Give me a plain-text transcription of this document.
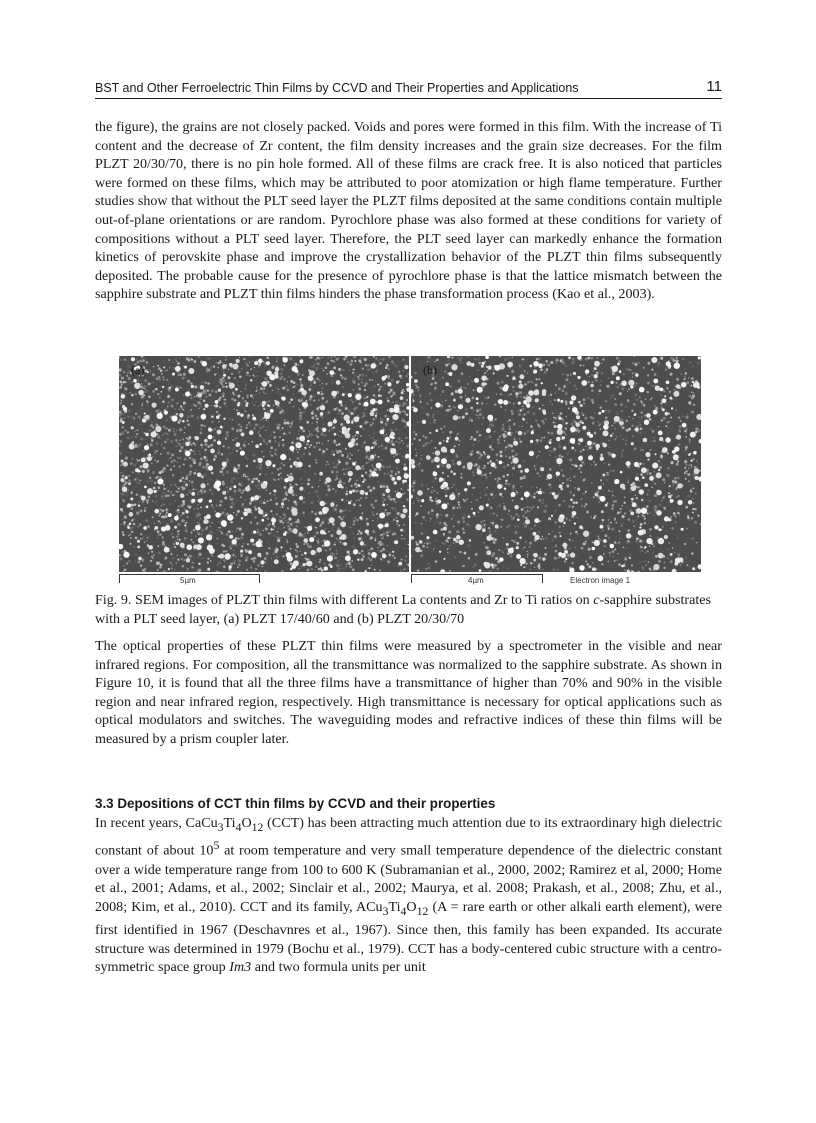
BST and Other Ferroelectric Thin Films by CCVD and Their Properties and Applications	11

the figure), the grains are not closely packed. Voids and pores were formed in this film. With the increase of Ti content and the decrease of Zr content, the film density increases and the grain size decreases. For the film PLZT 20/30/70, there is no pin hole formed. All of these films are crack free. It is also noticed that particles were formed on these films, which may be attributed to poor atomization or high flame temperature. Further studies show that without the PLT seed layer the PLZT films deposited at the same conditions contain multiple out-of-plane orientations or are random. Pyrochlore phase was also formed at these conditions for variety of compositions without a PLT seed layer. Therefore, the PLT seed layer can markedly enhance the formation kinetics of perovskite phase and improve the crystallization behavior of the PLZT thin films subsequently deposited. The probable cause for the presence of pyrochlore phase is that the lattice mismatch between the sapphire substrate and PLZT thin films hinders the phase transformation process (Kao et al., 2003).

(a)	(b)
5µm	4µm	Electron image 1

Fig. 9. SEM images of PLZT thin films with different La contents and Zr to Ti ratios on c-sapphire substrates with a PLT seed layer, (a) PLZT 17/40/60 and (b) PLZT 20/30/70

The optical properties of these PLZT thin films were measured by a spectrometer in the visible and near infrared regions. For composition, all the transmittance was normalized to the sapphire substrate. As shown in Figure 10, it is found that all the three films have a transmittance of higher than 70% and 90% in the visible region and near infrared region, respectively. High transmittance is necessary for optical applications such as optical modulators and switches. The waveguiding modes and refractive indices of these thin films will be measured by a prism coupler later.

3.3 Depositions of CCT thin films by CCVD and their properties

In recent years, $CaCu_3Ti_4O_{12}$ (CCT) has been attracting much attention due to its extraordinary high dielectric constant of about $10^5$ at room temperature and very small temperature dependence of the dielectric constant over a wide temperature range from 100 to 600 K (Subramanian et al., 2000, 2002; Ramirez et al, 2000; Home et al., 2001; Adams, et al., 2002; Sinclair et al., 2002; Maurya, et al. 2008; Prakash, et al., 2008; Zhu, et al., 2008; Kim, et al., 2010). CCT and its family, $ACu_3Ti_4O_{12}$ (A = rare earth or other alkali earth element), were first identified in 1967 (Deschavnres et al., 1967). Since then, this family has been expanded. Its accurate structure was determined in 1979 (Bochu et al., 1979). CCT has a body-centered cubic structure with a centro-symmetric space group Im3 and two formula units per unit
